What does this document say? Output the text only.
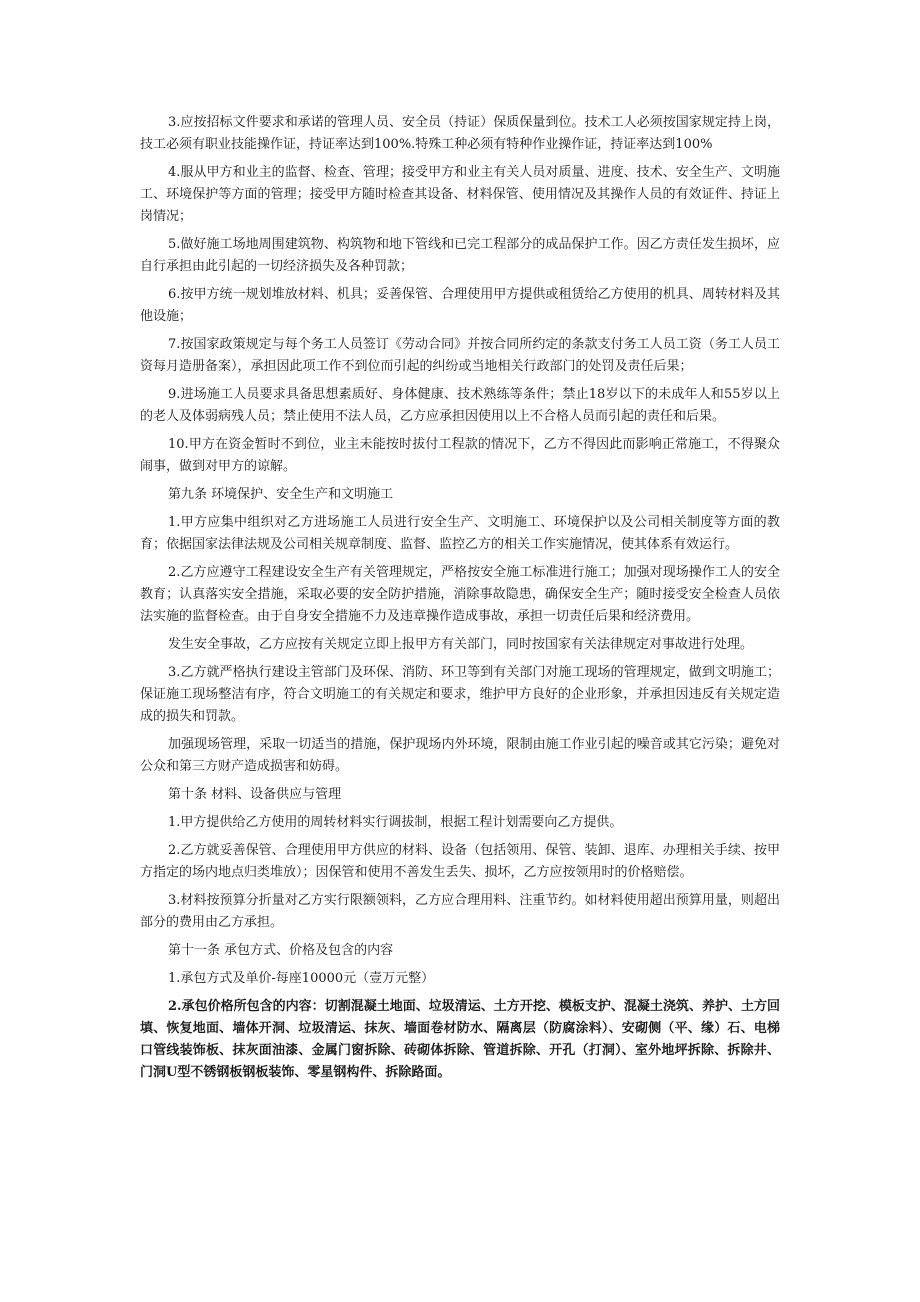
3.应按招标文件要求和承诺的管理人员、安全员（持证）保质保量到位。技术工人必须按国家规定持上岗，技工必须有职业技能操作证，持证率达到100%.特殊工种必须有特种作业操作证，持证率达到100%

4.服从甲方和业主的监督、检查、管理；接受甲方和业主有关人员对质量、进度、技术、安全生产、文明施工、环境保护等方面的管理；接受甲方随时检查其设备、材料保管、使用情况及其操作人员的有效证件、持证上岗情况；

5.做好施工场地周围建筑物、构筑物和地下管线和已完工程部分的成品保护工作。因乙方责任发生损坏，应自行承担由此引起的一切经济损失及各种罚款；

6.按甲方统一规划堆放材料、机具；妥善保管、合理使用甲方提供或租赁给乙方使用的机具、周转材料及其他设施；

7.按国家政策规定与每个务工人员签订《劳动合同》并按合同所约定的条款支付务工人员工资（务工人员工资每月造册备案），承担因此项工作不到位而引起的纠纷或当地相关行政部门的处罚及责任后果；

9.进场施工人员要求具备思想素质好、身体健康、技术熟练等条件；禁止18岁以下的未成年人和55岁以上的老人及体弱病残人员；禁止使用不法人员，乙方应承担因使用以上不合格人员而引起的责任和后果。

10.甲方在资金暂时不到位，业主未能按时拔付工程款的情况下，乙方不得因此而影响正常施工，不得聚众闹事，做到对甲方的谅解。

第九条 环境保护、安全生产和文明施工

1.甲方应集中组织对乙方进场施工人员进行安全生产、文明施工、环境保护以及公司相关制度等方面的教育；依据国家法律法规及公司相关规章制度、监督、监控乙方的相关工作实施情况，使其体系有效运行。

2.乙方应遵守工程建设安全生产有关管理规定，严格按安全施工标准进行施工；加强对现场操作工人的安全教育；认真落实安全措施，采取必要的安全防护措施，消除事故隐患，确保安全生产；随时接受安全检查人员依法实施的监督检查。由于自身安全措施不力及违章操作造成事故，承担一切责任后果和经济费用。

发生安全事故，乙方应按有关规定立即上报甲方有关部门，同时按国家有关法律规定对事故进行处理。

3.乙方就严格执行建设主管部门及环保、消防、环卫等到有关部门对施工现场的管理规定，做到文明施工；保证施工现场整洁有序，符合文明施工的有关规定和要求，维护甲方良好的企业形象，并承担因违反有关规定造成的损失和罚款。

加强现场管理，采取一切适当的措施，保护现场内外环境，限制由施工作业引起的噪音或其它污染；避免对公众和第三方财产造成损害和妨碍。

第十条 材料、设备供应与管理

1.甲方提供给乙方使用的周转材料实行调拔制，根据工程计划需要向乙方提供。

2.乙方就妥善保管、合理使用甲方供应的材料、设备（包括领用、保管、装卸、退库、办理相关手续、按甲方指定的场内地点归类堆放）；因保管和使用不善发生丢失、损坏，乙方应按领用时的价格赔偿。

3.材料按预算分折量对乙方实行限额领料，乙方应合理用料、注重节约。如材料使用超出预算用量，则超出部分的费用由乙方承担。

第十一条 承包方式、价格及包含的内容

1.承包方式及单价-每座10000元（壹万元整）

2.承包价格所包含的内容：切割混凝土地面、垃圾清运、土方开挖、模板支护、混凝土浇筑、养护、土方回填、恢复地面、墙体开洞、垃圾清运、抹灰、墙面卷材防水、隔离层（防腐涂料）、安砌侧（平、缘）石、电梯口管线装饰板、抹灰面油漆、金属门窗拆除、砖砌体拆除、管道拆除、开孔（打洞）、室外地坪拆除、拆除井、门洞U型不锈钢板钢板装饰、零星钢构件、拆除路面。
